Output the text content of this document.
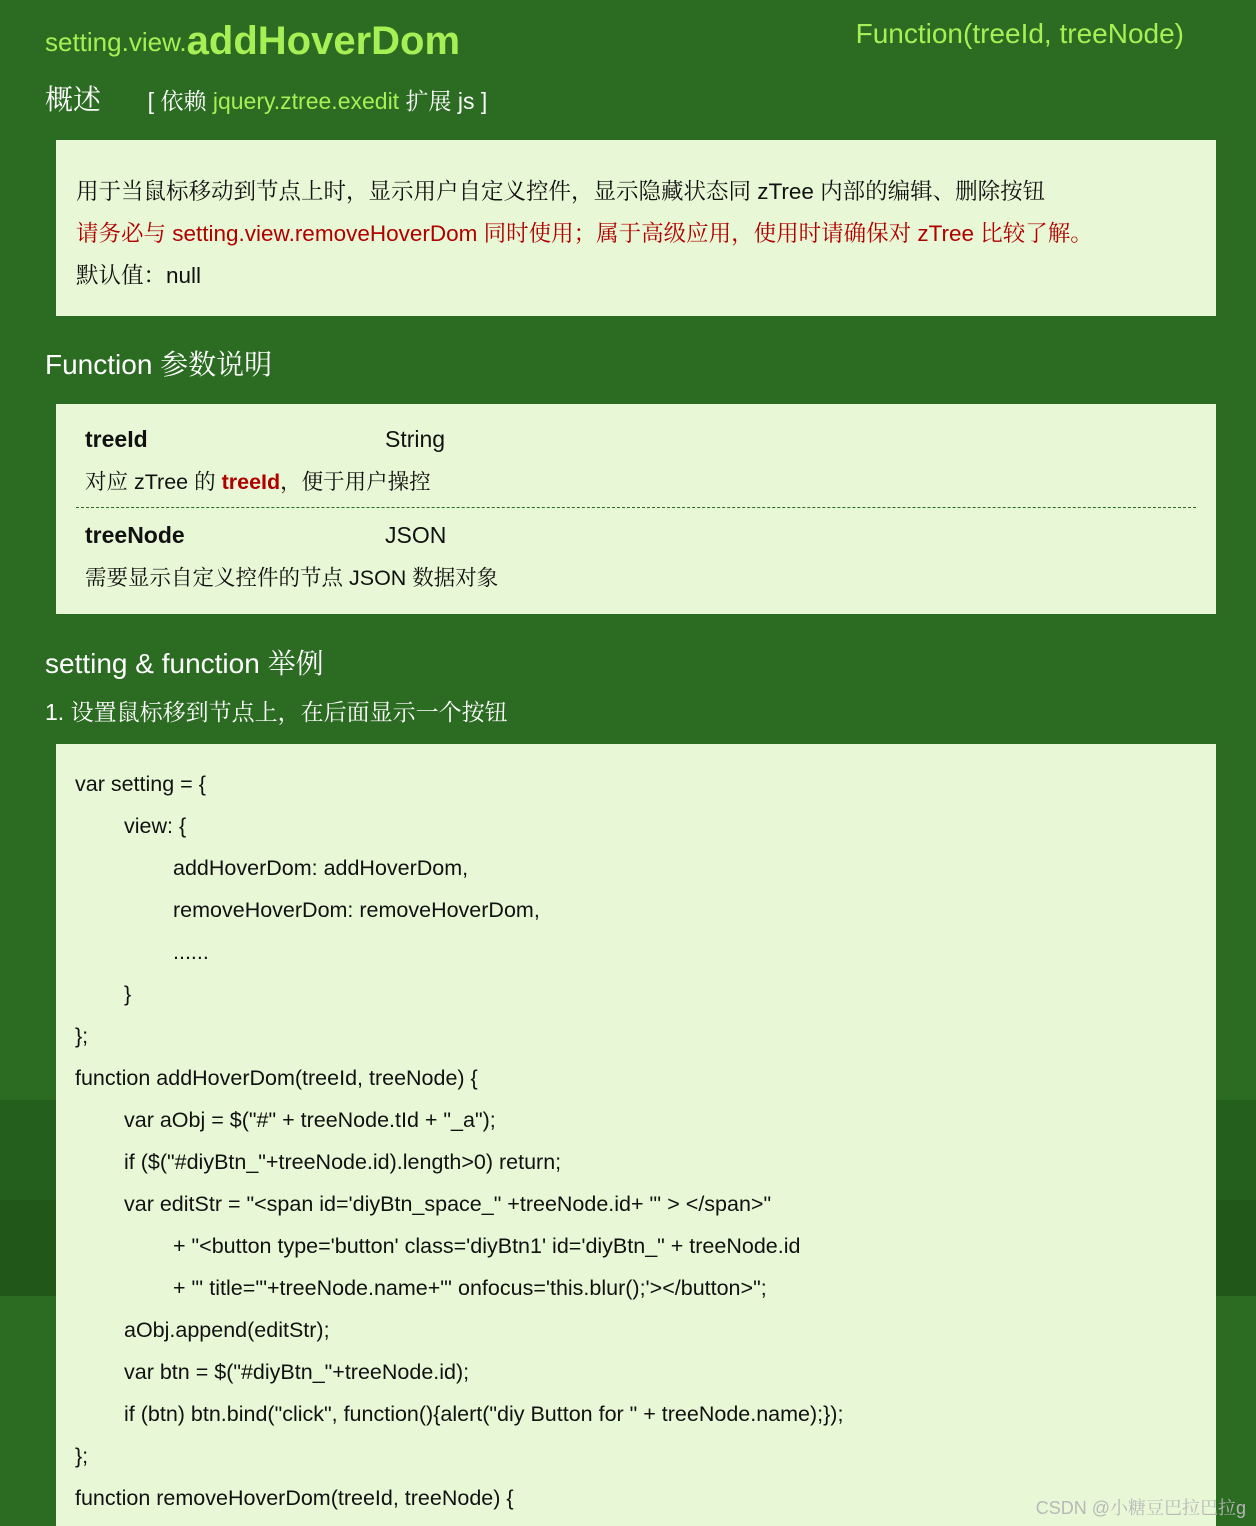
setting.view.addHoverDom	Function(treeId, treeNode)
概述 [ 依赖 jquery.ztree.exedit 扩展 js ]
用于当鼠标移动到节点上时，显示用户自定义控件，显示隐藏状态同 zTree 内部的编辑、删除按钮
请务必与 setting.view.removeHoverDom 同时使用；属于高级应用，使用时请确保对 zTree 比较了解。
默认值：null
Function 参数说明
treeId	String
对应 zTree 的 treeId，便于用户操控
treeNode	JSON
需要显示自定义控件的节点 JSON 数据对象
setting & function 举例
1. 设置鼠标移到节点上，在后面显示一个按钮
var setting = {
view: {
addHoverDom: addHoverDom,
removeHoverDom: removeHoverDom,
......
}
};
function addHoverDom(treeId, treeNode) {
var aObj = $("#" + treeNode.tId + "_a");
if ($("#diyBtn_"+treeNode.id).length>0) return;
var editStr = "<span id='diyBtn_space_" +treeNode.id+ "' > </span>"
+ "<button type='button' class='diyBtn1' id='diyBtn_" + treeNode.id
+ "' title='"+treeNode.name+"' onfocus='this.blur();'></button>";
aObj.append(editStr);
var btn = $("#diyBtn_"+treeNode.id);
if (btn) btn.bind("click", function(){alert("diy Button for " + treeNode.name);});
};
function removeHoverDom(treeId, treeNode) {	CSDN @小糖豆巴拉巴拉g
